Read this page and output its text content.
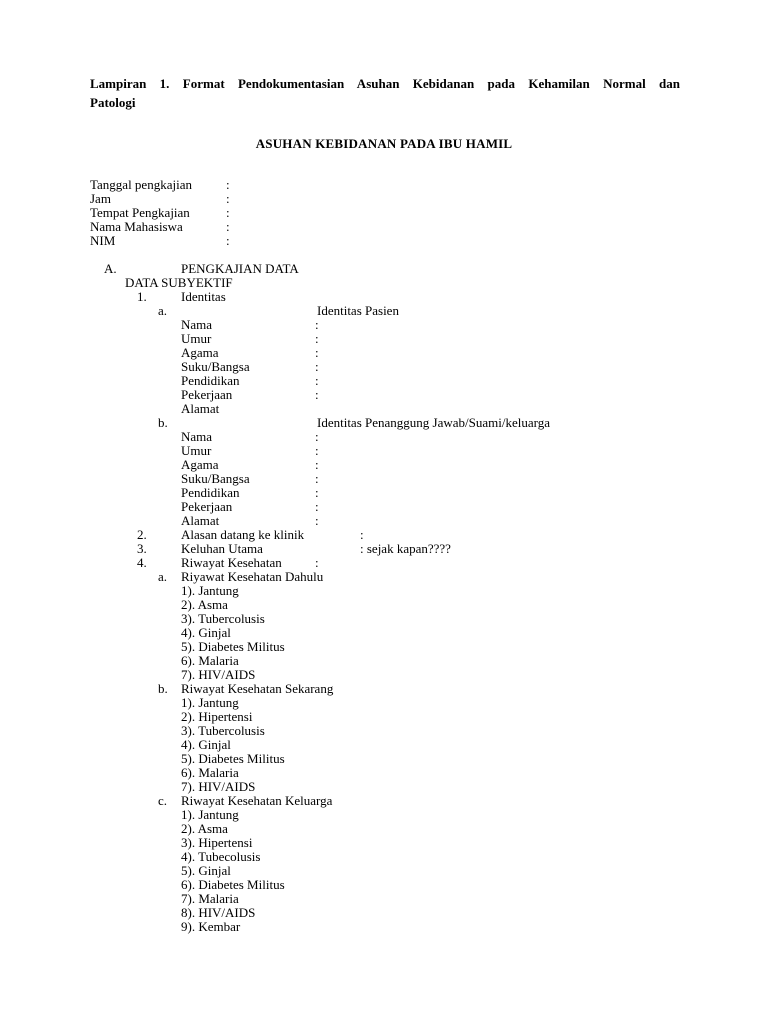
Lampiran 1. Format Pendokumentasian Asuhan Kebidanan pada Kehamilan Normal dan
Patologi
ASUHAN KEBIDANAN PADA IBU HAMIL
Tanggal pengkajian	:
Jam	:
Tempat Pengkajian	:
Nama Mahasiswa	:
NIM	:
A.	PENGKAJIAN DATA
DATA SUBYEKTIF
1.	Identitas
a.	Identitas Pasien
Nama	:
Umur	:
Agama	:
Suku/Bangsa	:
Pendidikan	:
Pekerjaan	:
Alamat
b.	Identitas Penanggung Jawab/Suami/keluarga
Nama	:
Umur	:
Agama	:
Suku/Bangsa	:
Pendidikan	:
Pekerjaan	:
Alamat	:
2.	Alasan datang ke klinik	:
3.	Keluhan Utama	: sejak kapan????
4.	Riwayat Kesehatan	:
a. Riyawat Kesehatan Dahulu
1). Jantung
2). Asma
3). Tubercolusis
4). Ginjal
5). Diabetes Militus
6). Malaria
7). HIV/AIDS
b. Riwayat Kesehatan Sekarang
1). Jantung
2). Hipertensi
3). Tubercolusis
4). Ginjal
5). Diabetes Militus
6). Malaria
7). HIV/AIDS
c. Riwayat Kesehatan Keluarga
1). Jantung
2). Asma
3). Hipertensi
4). Tubecolusis
5). Ginjal
6). Diabetes Militus
7). Malaria
8). HIV/AIDS
9). Kembar
